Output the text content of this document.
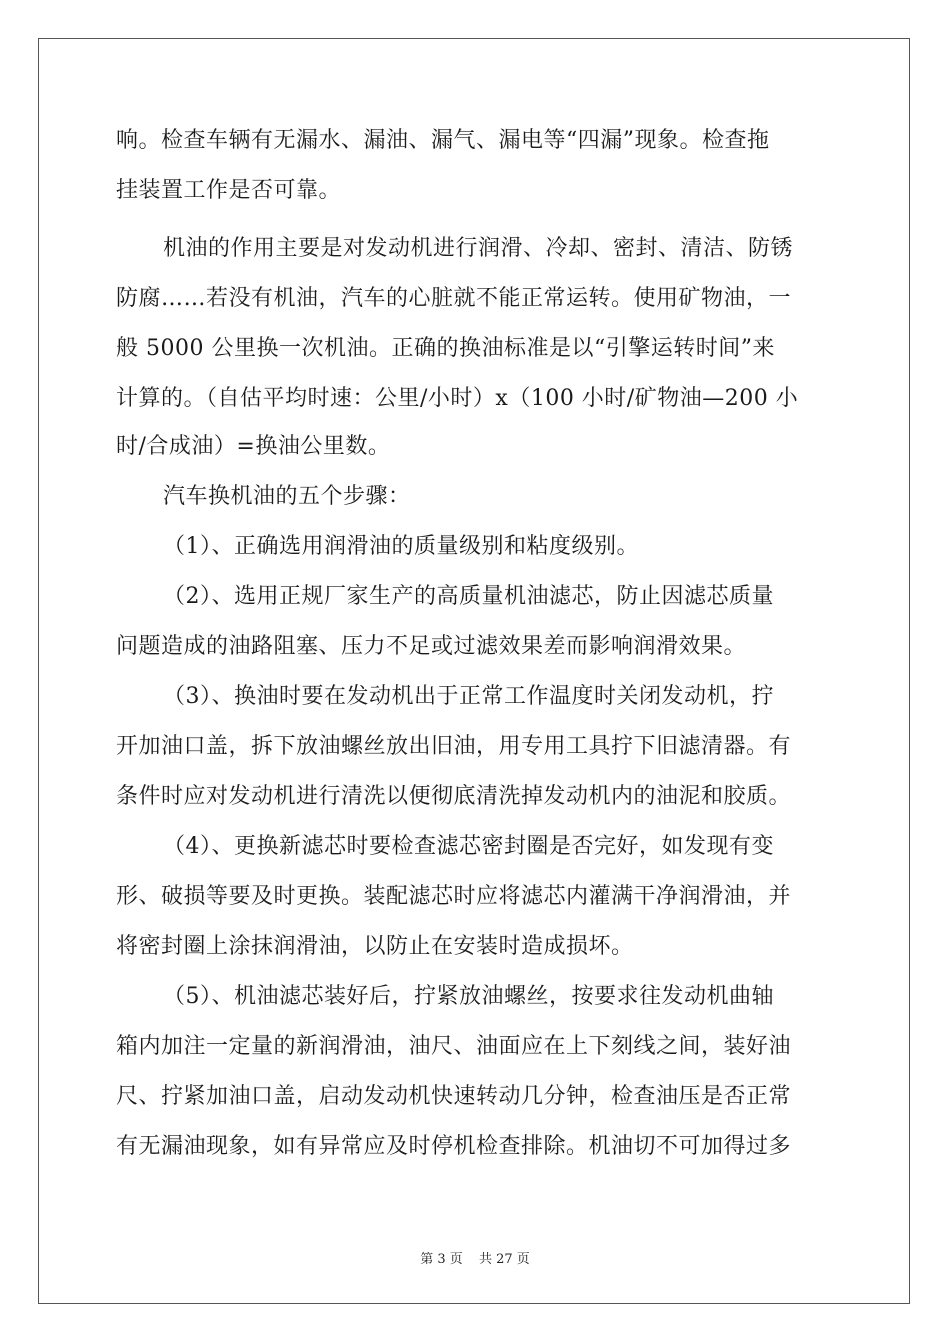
响。检查车辆有无漏水、漏油、漏气、漏电等“四漏”现象。检查拖
挂装置工作是否可靠。
机油的作用主要是对发动机进行润滑、冷却、密封、清洁、防锈
防腐……若没有机油，汽车的心脏就不能正常运转。使用矿物油，一
般 5000 公里换一次机油。正确的换油标准是以“引擎运转时间”来
计算的。（自估平均时速：公里/小时）x（100 小时/矿物油—200 小
时/合成油）=换油公里数。
汽车换机油的五个步骤：
（1）、正确选用润滑油的质量级别和粘度级别。
（2）、选用正规厂家生产的高质量机油滤芯，防止因滤芯质量
问题造成的油路阻塞、压力不足或过滤效果差而影响润滑效果。
（3）、换油时要在发动机出于正常工作温度时关闭发动机，拧
开加油口盖，拆下放油螺丝放出旧油，用专用工具拧下旧滤清器。有
条件时应对发动机进行清洗以便彻底清洗掉发动机内的油泥和胶质。
（4）、更换新滤芯时要检查滤芯密封圈是否完好，如发现有变
形、破损等要及时更换。装配滤芯时应将滤芯内灌满干净润滑油，并
将密封圈上涂抹润滑油，以防止在安装时造成损坏。
（5）、机油滤芯装好后，拧紧放油螺丝，按要求往发动机曲轴
箱内加注一定量的新润滑油，油尺、油面应在上下刻线之间，装好油
尺、拧紧加油口盖，启动发动机快速转动几分钟，检查油压是否正常
有无漏油现象，如有异常应及时停机检查排除。机油切不可加得过多
第 3 页 共 27 页
